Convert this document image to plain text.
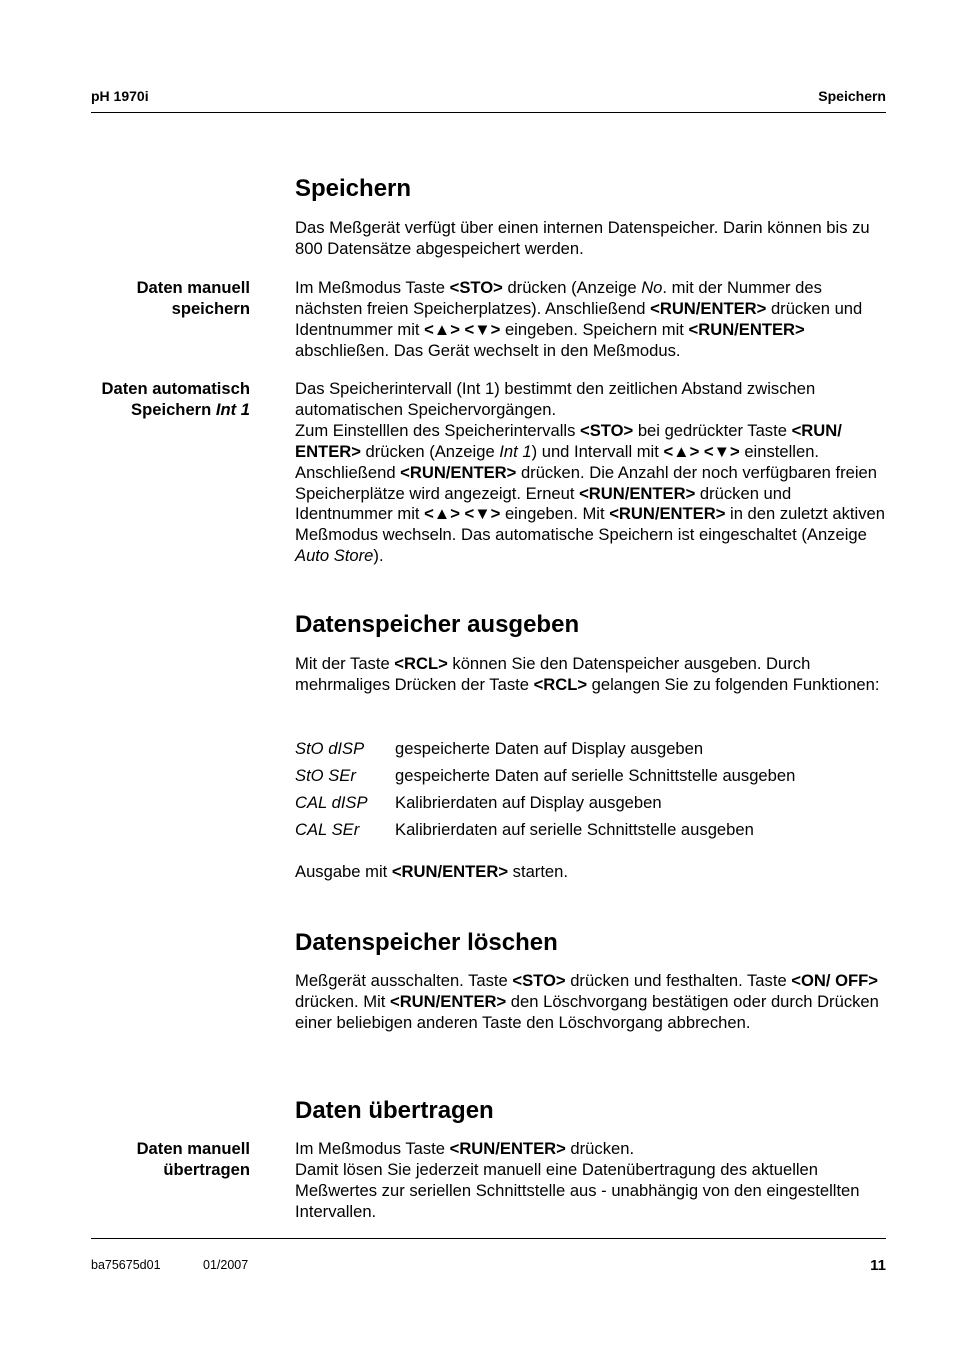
pH 1970i	Speichern
Speichern
Das Meßgerät verfügt über einen internen Datenspeicher. Darin können bis zu 800 Datensätze abgespeichert werden.
Daten manuell
speichern
Im Meßmodus Taste <STO> drücken (Anzeige No. mit der Nummer des nächsten freien Speicherplatzes). Anschließend <RUN/ENTER> drücken und Identnummer mit <▲> <▼> eingeben. Speichern mit <RUN/ENTER> abschließen. Das Gerät wechselt in den Meßmodus.
Daten automatisch
Speichern Int 1
Das Speicherintervall (Int 1) bestimmt den zeitlichen Abstand zwischen automatischen Speichervorgängen.
Zum Einstelllen des Speicherintervalls <STO> bei gedrückter Taste <RUN/ ENTER> drücken (Anzeige Int 1) und Intervall mit <▲> <▼> einstellen. Anschließend <RUN/ENTER> drücken. Die Anzahl der noch verfügbaren freien Speicherplätze wird angezeigt. Erneut <RUN/ENTER> drücken und Identnummer mit <▲> <▼> eingeben. Mit <RUN/ENTER> in den zuletzt aktiven Meßmodus wechseln. Das automatische Speichern ist eingeschaltet (Anzeige Auto Store).
Datenspeicher ausgeben
Mit der Taste <RCL> können Sie den Datenspeicher ausgeben. Durch mehrmaliges Drücken der Taste <RCL> gelangen Sie zu folgenden Funktionen:
StO dISP gespeicherte Daten auf Display ausgeben
StO SEr gespeicherte Daten auf serielle Schnittstelle ausgeben
CAL dISP Kalibrierdaten auf Display ausgeben
CAL SEr Kalibrierdaten auf serielle Schnittstelle ausgeben
Ausgabe mit <RUN/ENTER> starten.
Datenspeicher löschen
Meßgerät ausschalten. Taste <STO> drücken und festhalten. Taste <ON/ OFF> drücken. Mit <RUN/ENTER> den Löschvorgang bestätigen oder durch Drücken einer beliebigen anderen Taste den Löschvorgang abbrechen.
Daten übertragen
Daten manuell
übertragen
Im Meßmodus Taste <RUN/ENTER> drücken.
Damit lösen Sie jederzeit manuell eine Datenübertragung des aktuellen Meßwertes zur seriellen Schnittstelle aus - unabhängig von den eingestellten Intervallen.
ba75675d01	01/2007	11
